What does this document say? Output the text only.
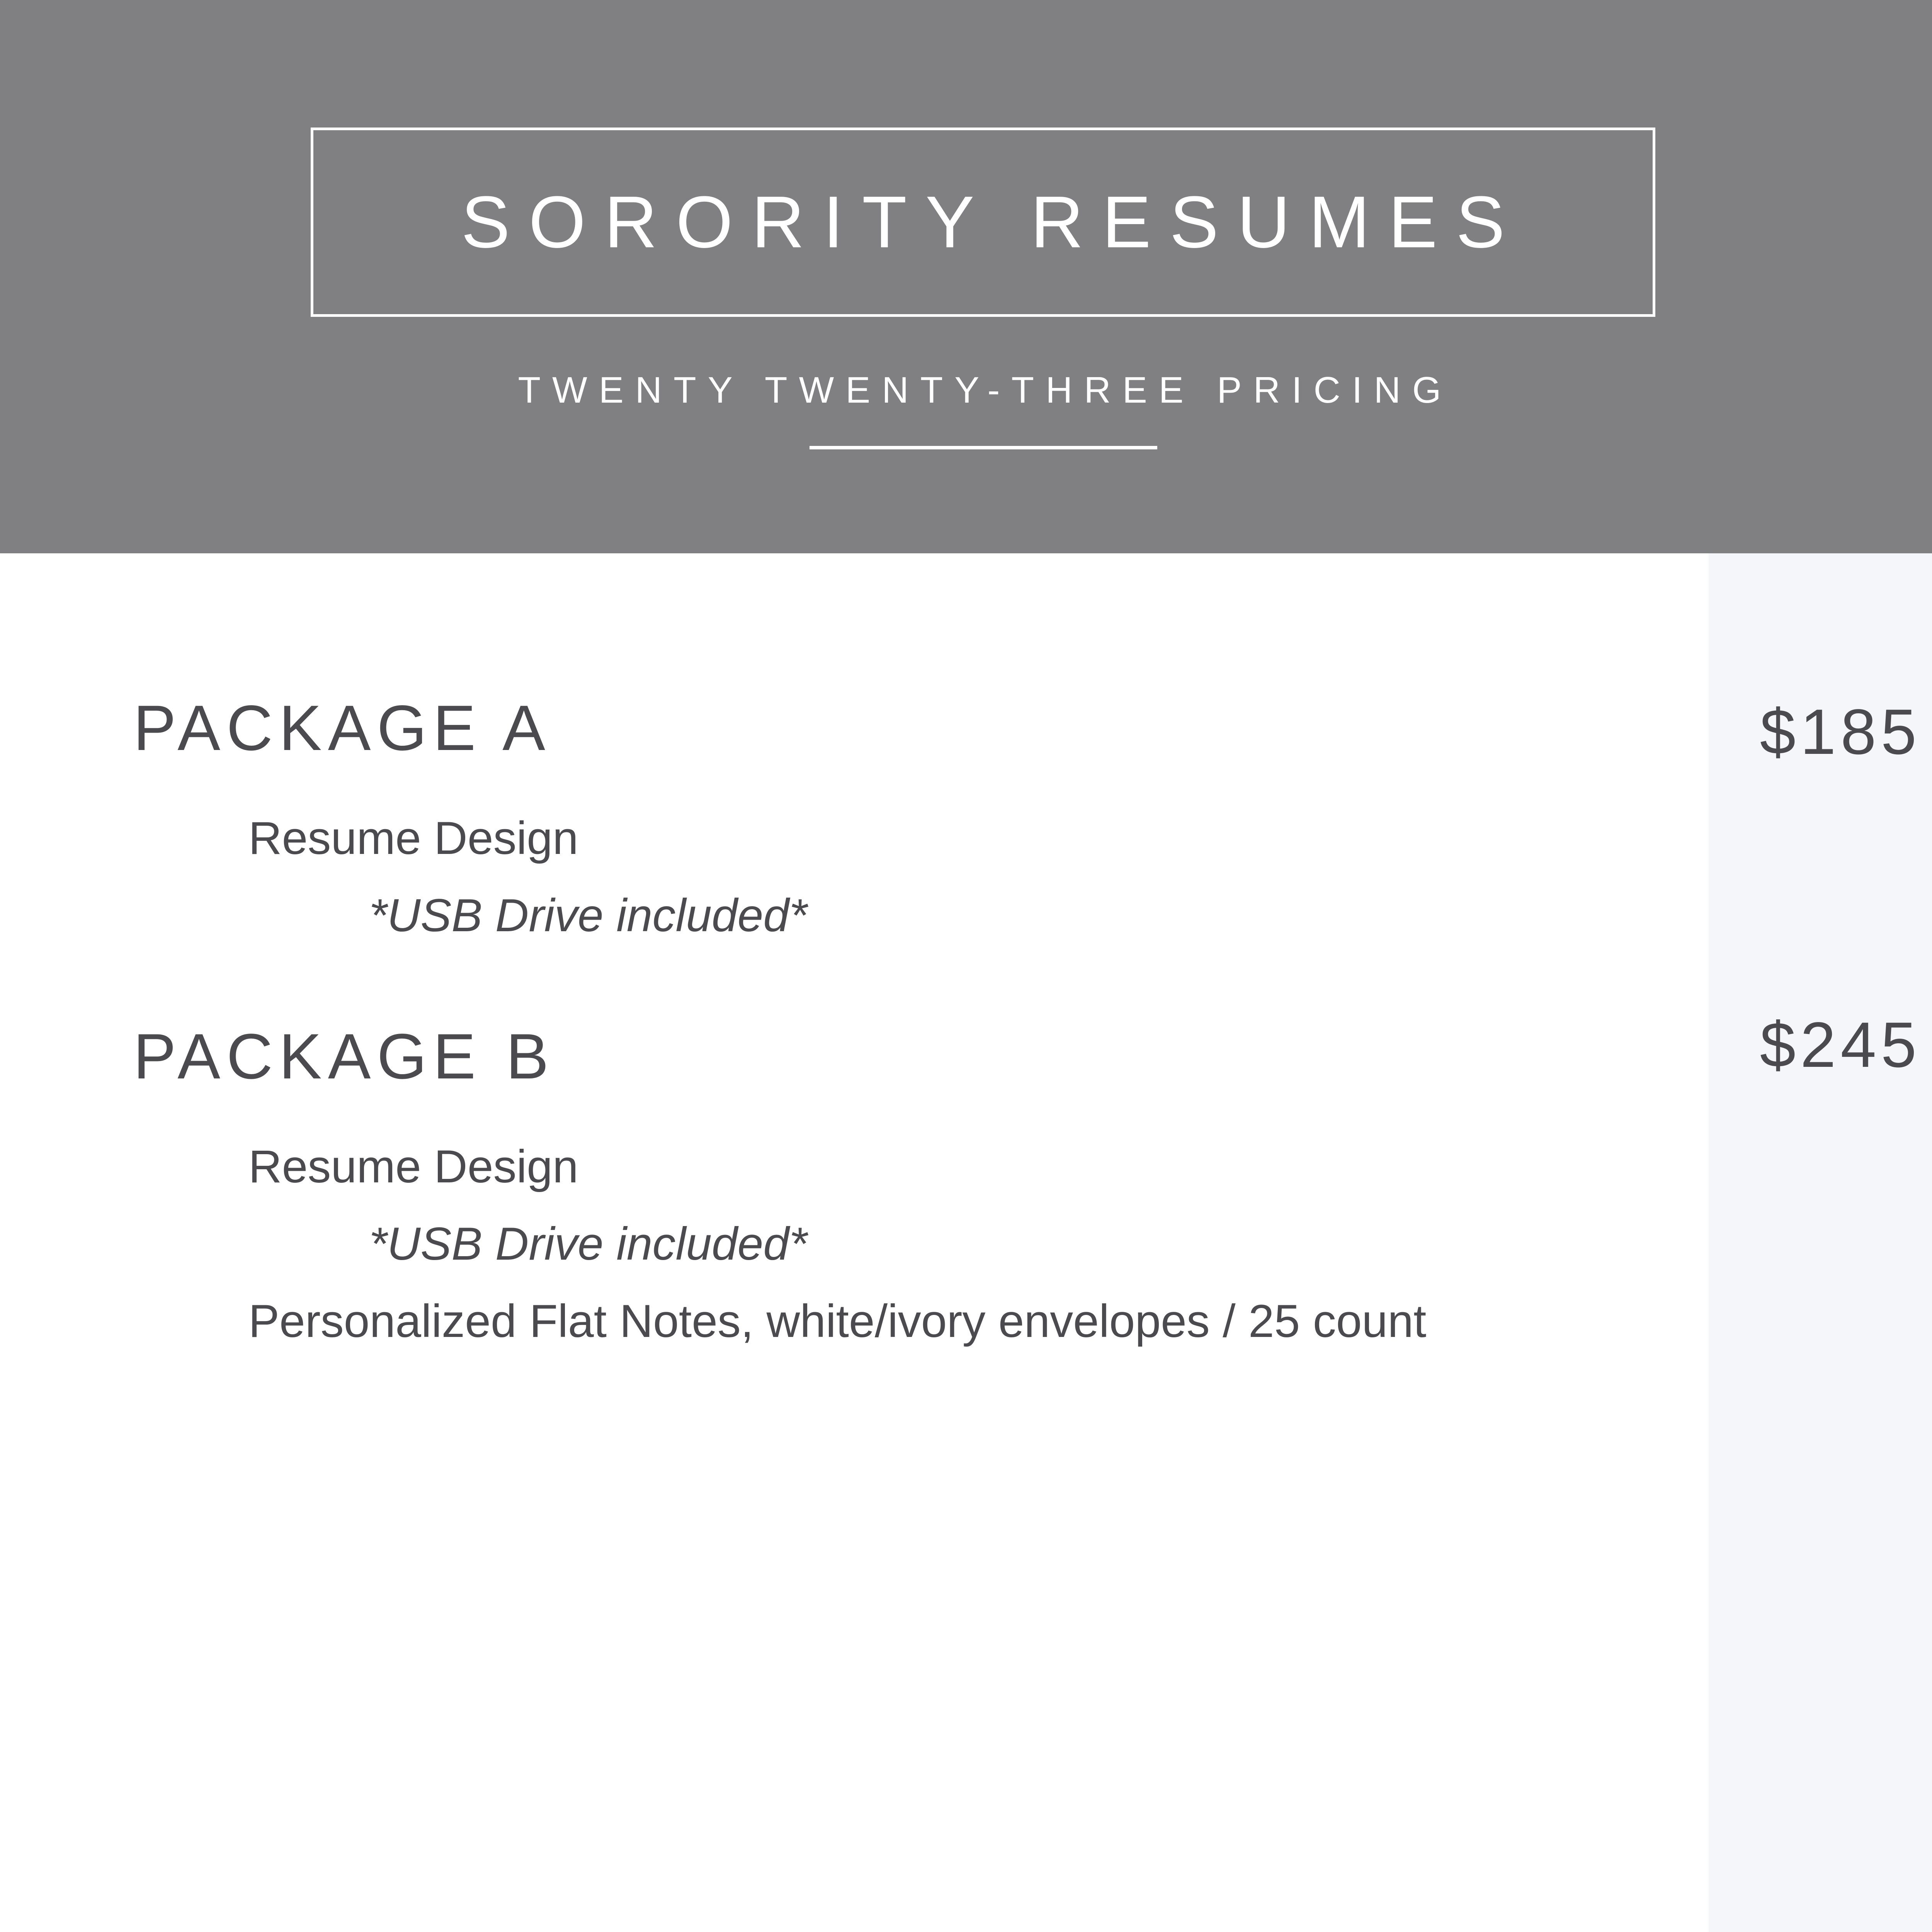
SORORITY RESUMES
TWENTY TWENTY-THREE PRICING
PACKAGE A	$185
Resume Design
*USB Drive included*
PACKAGE B	$245
Resume Design
*USB Drive included*
Personalized Flat Notes, white/ivory envelopes / 25 count
